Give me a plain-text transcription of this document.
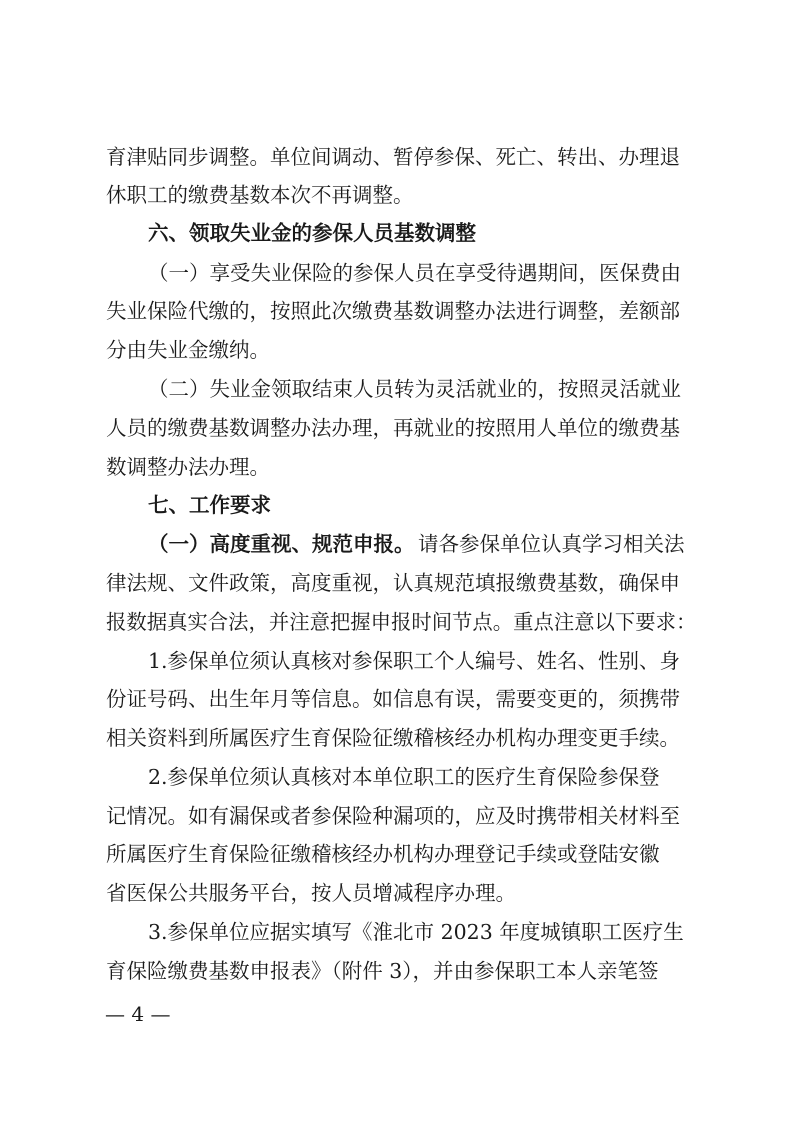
育津贴同步调整。单位间调动、暂停参保、死亡、转出、办理退
休职工的缴费基数本次不再调整。
六、领取失业金的参保人员基数调整
（一）享受失业保险的参保人员在享受待遇期间，医保费由
失业保险代缴的，按照此次缴费基数调整办法进行调整，差额部
分由失业金缴纳。
（二）失业金领取结束人员转为灵活就业的，按照灵活就业
人员的缴费基数调整办法办理，再就业的按照用人单位的缴费基
数调整办法办理。
七、工作要求
（一）高度重视、规范申报。 请各参保单位认真学习相关法
律法规、文件政策，高度重视，认真规范填报缴费基数，确保申
报数据真实合法，并注意把握申报时间节点。重点注意以下要求：
1.参保单位须认真核对参保职工个人编号、姓名、性别、身
份证号码、出生年月等信息。如信息有误，需要变更的，须携带
相关资料到所属医疗生育保险征缴稽核经办机构办理变更手续。
2.参保单位须认真核对本单位职工的医疗生育保险参保登
记情况。如有漏保或者参保险种漏项的，应及时携带相关材料至
所属医疗生育保险征缴稽核经办机构办理登记手续或登陆安徽
省医保公共服务平台，按人员增减程序办理。
3.参保单位应据实填写《淮北市 2023 年度城镇职工医疗生
育保险缴费基数申报表》（附件 3），并由参保职工本人亲笔签
— 4 —
